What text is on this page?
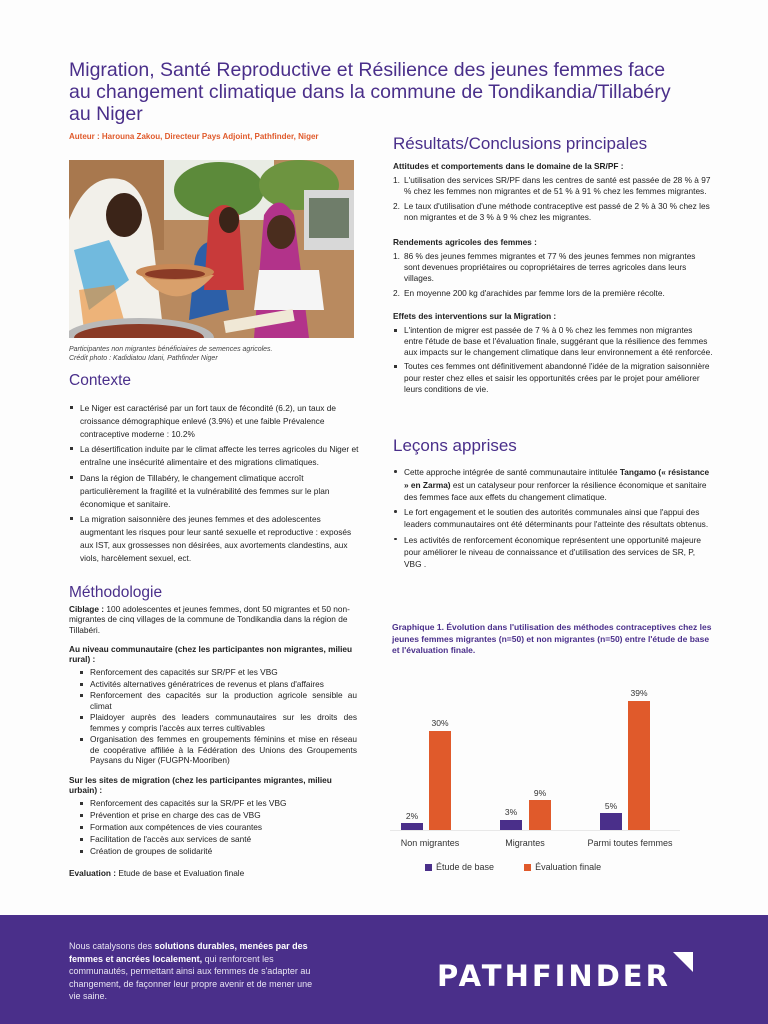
Migration, Santé Reproductive et Résilience des jeunes femmes face au changement climatique dans la commune de Tondikandia/Tillabéry au Niger
Auteur : Harouna Zakou, Directeur Pays Adjoint, Pathfinder, Niger
Participantes non migrantes bénéficiaires de semences agricoles.
Crédit photo : Kadidiatou Idani, Pathfinder Niger
Contexte
Le Niger est caractérisé par un fort taux de fécondité (6.2), un taux de croissance démographique enlevé (3.9%) et une faible Prévalence contraceptive moderne : 10.2%
La désertification induite par le climat affecte les terres agricoles du Niger et entraîne une insécurité alimentaire et des migrations climatiques.
Dans la région de Tillabéry, le changement climatique accroît particulièrement la fragilité et la vulnérabilité des femmes sur le plan économique et sanitaire.
La migration saisonnière des jeunes femmes et des adolescentes augmentant les risques pour leur santé sexuelle et reproductive : exposés aux IST, aux grossesses non désirées, aux avortements clandestins, aux viols, harcèlement sexuel, ect.
Méthodologie

Ciblage : 100 adolescentes et jeunes femmes, dont 50 migrantes et 50 non-migrantes de cinq villages de la commune de Tondikandia dans la région de Tillabéri.

Au niveau communautaire (chez les participantes non migrantes, milieu rural) :
Renforcement des capacités sur SR/PF et les VBG
Activités alternatives génératrices de revenus et plans d'affaires
Renforcement des capacités sur la production agricole sensible au climat
Plaidoyer auprès des leaders communautaires sur les droits des femmes y compris l'accès aux terres cultivables
Organisation des femmes en groupements féminins et mise en réseau de coopérative affiliée à la Fédération des Unions des Groupements Paysans du Niger (FUGPN-Mooriben)
Sur les sites de migration (chez les participantes migrantes, milieu urbain) :
Renforcement des capacités sur la SR/PF et les VBG
Prévention et prise en charge des cas de VBG
Formation aux compétences de vies courantes
Facilitation de l'accès aux services de santé
Création de groupes de solidarité

Evaluation : Etude de base et Evaluation finale

Résultats/Conclusions principales
Attitudes et comportements dans le domaine de la SR/PF :
1. L'utilisation des services SR/PF dans les centres de santé est passée de 28 % à 97 % chez les femmes non migrantes et de 51 % à 91 % chez les femmes migrantes.
2. Le taux d'utilisation d'une méthode contraceptive est passé de 2 % à 30 % chez les non migrantes et de 3 % à 9 % chez les migrantes.
Rendements agricoles des femmes :
1. 86 % des jeunes femmes migrantes et 77 % des jeunes femmes non migrantes sont devenues propriétaires ou copropriétaires de terres agricoles dans leurs villages.
2. En moyenne 200 kg d'arachides par femme lors de la première récolte.
Effets des interventions sur la Migration :
L'intention de migrer est passée de 7 % à 0 % chez les femmes non migrantes entre l'étude de base et l'évaluation finale, suggérant que la résilience des femmes aux impacts sur le changement climatique dans leur environnement a été renforcée.
Toutes ces femmes ont définitivement abandonné l'idée de la migration saisonnière pour rester chez elles et saisir les opportunités crées par le projet pour améliorer leurs conditions de vie.
Leçons apprises
Cette approche intégrée de santé communautaire intitulée Tangamo (« résistance » en Zarma) est un catalyseur pour renforcer la résilience économique et sanitaire des femmes face aux effets du changement climatique.
Le fort engagement et le soutien des autorités communales ainsi que l'appui des leaders communautaires ont été déterminants pour l'atteinte des résultats obtenus.
Les activités de renforcement économique représentent une opportunité majeure pour améliorer le niveau de connaissance et d'utilisation des services de SR, P, VBG .
Graphique 1. Évolution dans l'utilisation des méthodes contraceptives chez les jeunes femmes migrantes (n=50) et non migrantes (n=50) entre l'étude de base et l'évaluation finale.
2%
30%
3%
9%
5%
39%
Non migrantes	Migrantes	Parmi toutes femmes
Étude de base	Évaluation finale

Nous catalysons des solutions durables, menées par des femmes et ancrées localement, qui renforcent les communautés, permettant ainsi aux femmes de s'adapter au changement, de façonner leur propre avenir et de mener une vie saine.

PATHFINDER
